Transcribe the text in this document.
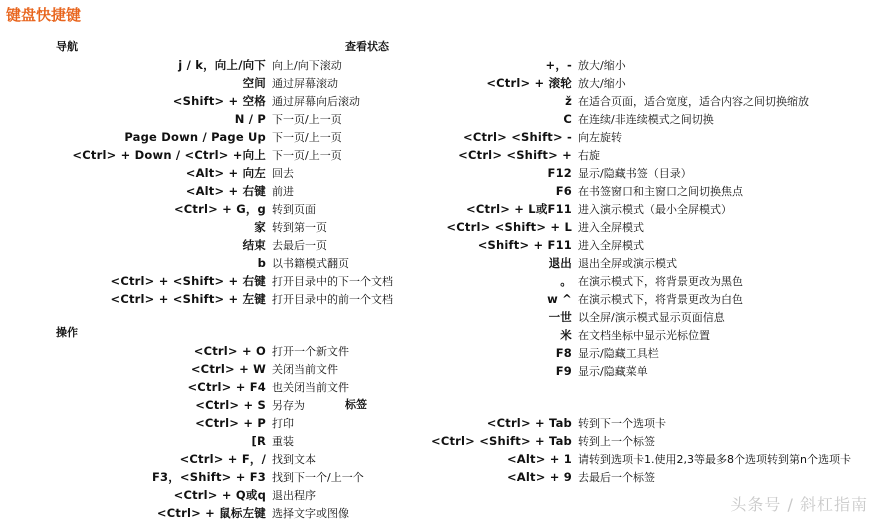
键盘快捷键
导航
j / k，向上/向下 向上/向下滚动
空间 通过屏幕滚动
<Shift> + 空格 通过屏幕向后滚动
N / P 下一页/上一页
Page Down / Page Up 下一页/上一页
<Ctrl> + Down / <Ctrl> +向上 下一页/上一页
<Alt> + 向左 回去
<Alt> + 右键 前进
<Ctrl> + G，g 转到页面
家 转到第一页
结束 去最后一页
b 以书籍模式翻页
<Ctrl> + <Shift> + 右键 打开目录中的下一个文档
<Ctrl> + <Shift> + 左键 打开目录中的前一个文档
操作
<Ctrl> + O 打开一个新文件
<Ctrl> + W 关闭当前文件
<Ctrl> + F4 也关闭当前文件
<Ctrl> + S 另存为
<Ctrl> + P 打印
[R 重装
<Ctrl> + F，/ 找到文本
F3，<Shift> + F3 找到下一个/上一个
<Ctrl> + Q或q 退出程序
<Ctrl> + 鼠标左键 选择文字或图像
查看状态
+，- 放大/缩小
<Ctrl> + 滚轮 放大/缩小
ž 在适合页面，适合宽度，适合内容之间切换缩放
C 在连续/非连续模式之间切换
<Ctrl> <Shift> - 向左旋转
<Ctrl> <Shift> + 右旋
F12 显示/隐藏书签（目录）
F6 在书签窗口和主窗口之间切换焦点
<Ctrl> + L或F11 进入演示模式（最小全屏模式）
<Ctrl> <Shift> + L 进入全屏模式
<Shift> + F11 进入全屏模式
退出 退出全屏或演示模式
。 在演示模式下，将背景更改为黑色
w ^ 在演示模式下，将背景更改为白色
一世 以全屏/演示模式显示页面信息
米 在文档坐标中显示光标位置
F8 显示/隐藏工具栏
F9 显示/隐藏菜单
标签
<Ctrl> + Tab 转到下一个选项卡
<Ctrl> <Shift> + Tab 转到上一个标签
<Alt> + 1 请转到选项卡1.使用2,3等最多8个选项转到第n个选项卡
<Alt> + 9 去最后一个标签
头条号 / 斜杠指南
